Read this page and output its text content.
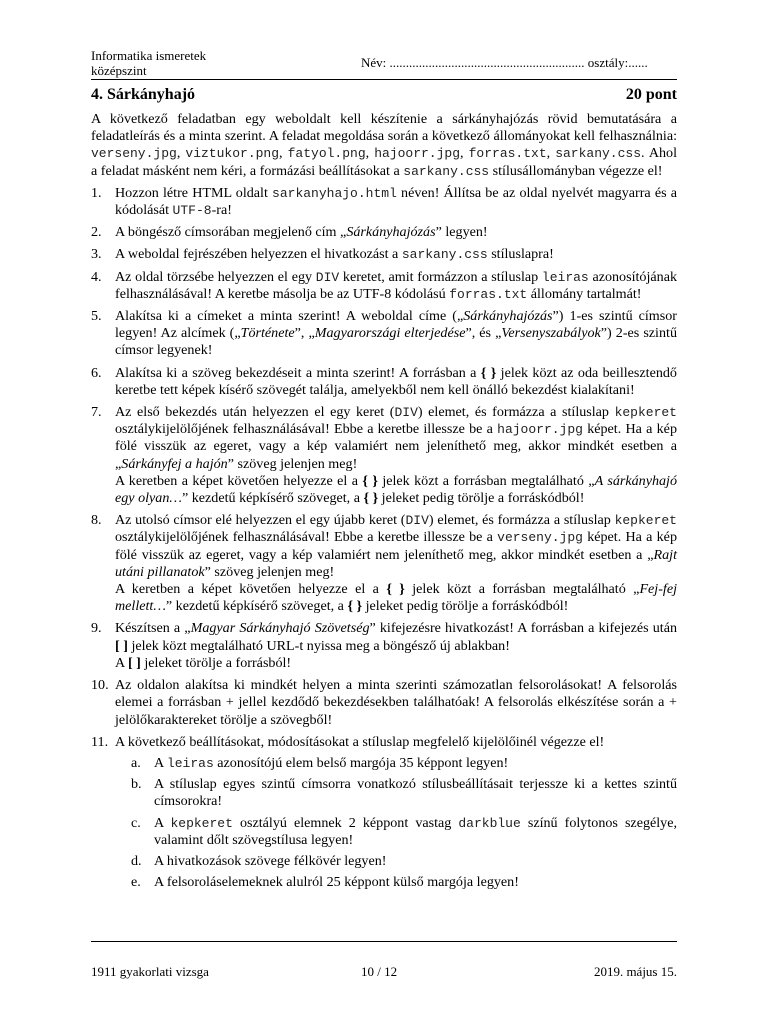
Informatika ismeretek
középszint
Név: ............................................................ osztály:......
4. Sárkányhajó	20 pont

A következő feladatban egy weboldalt kell készítenie a sárkányhajózás rövid bemutatására a feladatleírás és a minta szerint. A feladat megoldása során a következő állományokat kell felhasználnia: verseny.jpg, viztukor.png, fatyol.png, hajoorr.jpg, forras.txt, sarkany.css. Ahol a feladat másként nem kéri, a formázási beállításokat a sarkany.css stílusállományban végezze el!

1. Hozzon létre HTML oldalt sarkanyhajo.html néven! Állítsa be az oldal nyelvét magyarra és a kódolását UTF-8-ra!
2. A böngésző címsorában megjelenő cím „Sárkányhajózás” legyen!
3. A weboldal fejrészében helyezzen el hivatkozást a sarkany.css stíluslapra!
4. Az oldal törzsébe helyezzen el egy DIV keretet, amit formázzon a stíluslap leiras azonosítójának felhasználásával! A keretbe másolja be az UTF-8 kódolású forras.txt állomány tartalmát!
5. Alakítsa ki a címeket a minta szerint! A weboldal címe („Sárkányhajózás”) 1-es szintű címsor legyen! Az alcímek („Története”, „Magyarországi elterjedése”, és „Versenyszabályok”) 2-es szintű címsor legyenek!
6. Alakítsa ki a szöveg bekezdéseit a minta szerint! A forrásban a { } jelek közt az oda beillesztendő keretbe tett képek kísérő szövegét találja, amelyekből nem kell önálló bekezdést kialakítani!
7. Az első bekezdés után helyezzen el egy keret (DIV) elemet, és formázza a stíluslap kepkeret osztálykijelölőjének felhasználásával! Ebbe a keretbe illessze be a hajoorr.jpg képet. Ha a kép fölé visszük az egeret, vagy a kép valamiért nem jeleníthető meg, akkor mindkét esetben a „Sárkányfej a hajón” szöveg jelenjen meg!
A keretben a képet követően helyezze el a { } jelek közt a forrásban megtalálható „A sárkányhajó egy olyan…” kezdetű képkísérő szöveget, a { } jeleket pedig törölje a forráskódból!
8. Az utolsó címsor elé helyezzen el egy újabb keret (DIV) elemet, és formázza a stíluslap kepkeret osztálykijelölőjének felhasználásával! Ebbe a keretbe illessze be a verseny.jpg képet. Ha a kép fölé visszük az egeret, vagy a kép valamiért nem jeleníthető meg, akkor mindkét esetben a „Rajt utáni pillanatok” szöveg jelenjen meg!
A keretben a képet követően helyezze el a { } jelek közt a forrásban megtalálható „Fej-fej mellett…” kezdetű képkísérő szöveget, a { } jeleket pedig törölje a forráskódból!
9. Készítsen a „Magyar Sárkányhajó Szövetség” kifejezésre hivatkozást! A forrásban a kifejezés után [ ] jelek közt megtalálható URL-t nyissa meg a böngésző új ablakban!
A [ ] jeleket törölje a forrásból!
10. Az oldalon alakítsa ki mindkét helyen a minta szerinti számozatlan felsorolásokat! A felsorolás elemei a forrásban + jellel kezdődő bekezdésekben találhatóak! A felsorolás elkészítése során a + jelölőkaraktereket törölje a szövegből!
11. A következő beállításokat, módosításokat a stíluslap megfelelő kijelölőinél végezze el!
a. A leiras azonosítójú elem belső margója 35 képpont legyen!
b. A stíluslap egyes szintű címsorra vonatkozó stílusbeállításait terjessze ki a kettes szintű címsorokra!
c. A kepkeret osztályú elemnek 2 képpont vastag darkblue színű folytonos szegélye, valamint dőlt szövegstílusa legyen!
d. A hivatkozások szövege félkövér legyen!
e. A felsoroláselemeknek alulról 25 képpont külső margója legyen!
1911 gyakorlati vizsga	10 / 12	2019. május 15.
